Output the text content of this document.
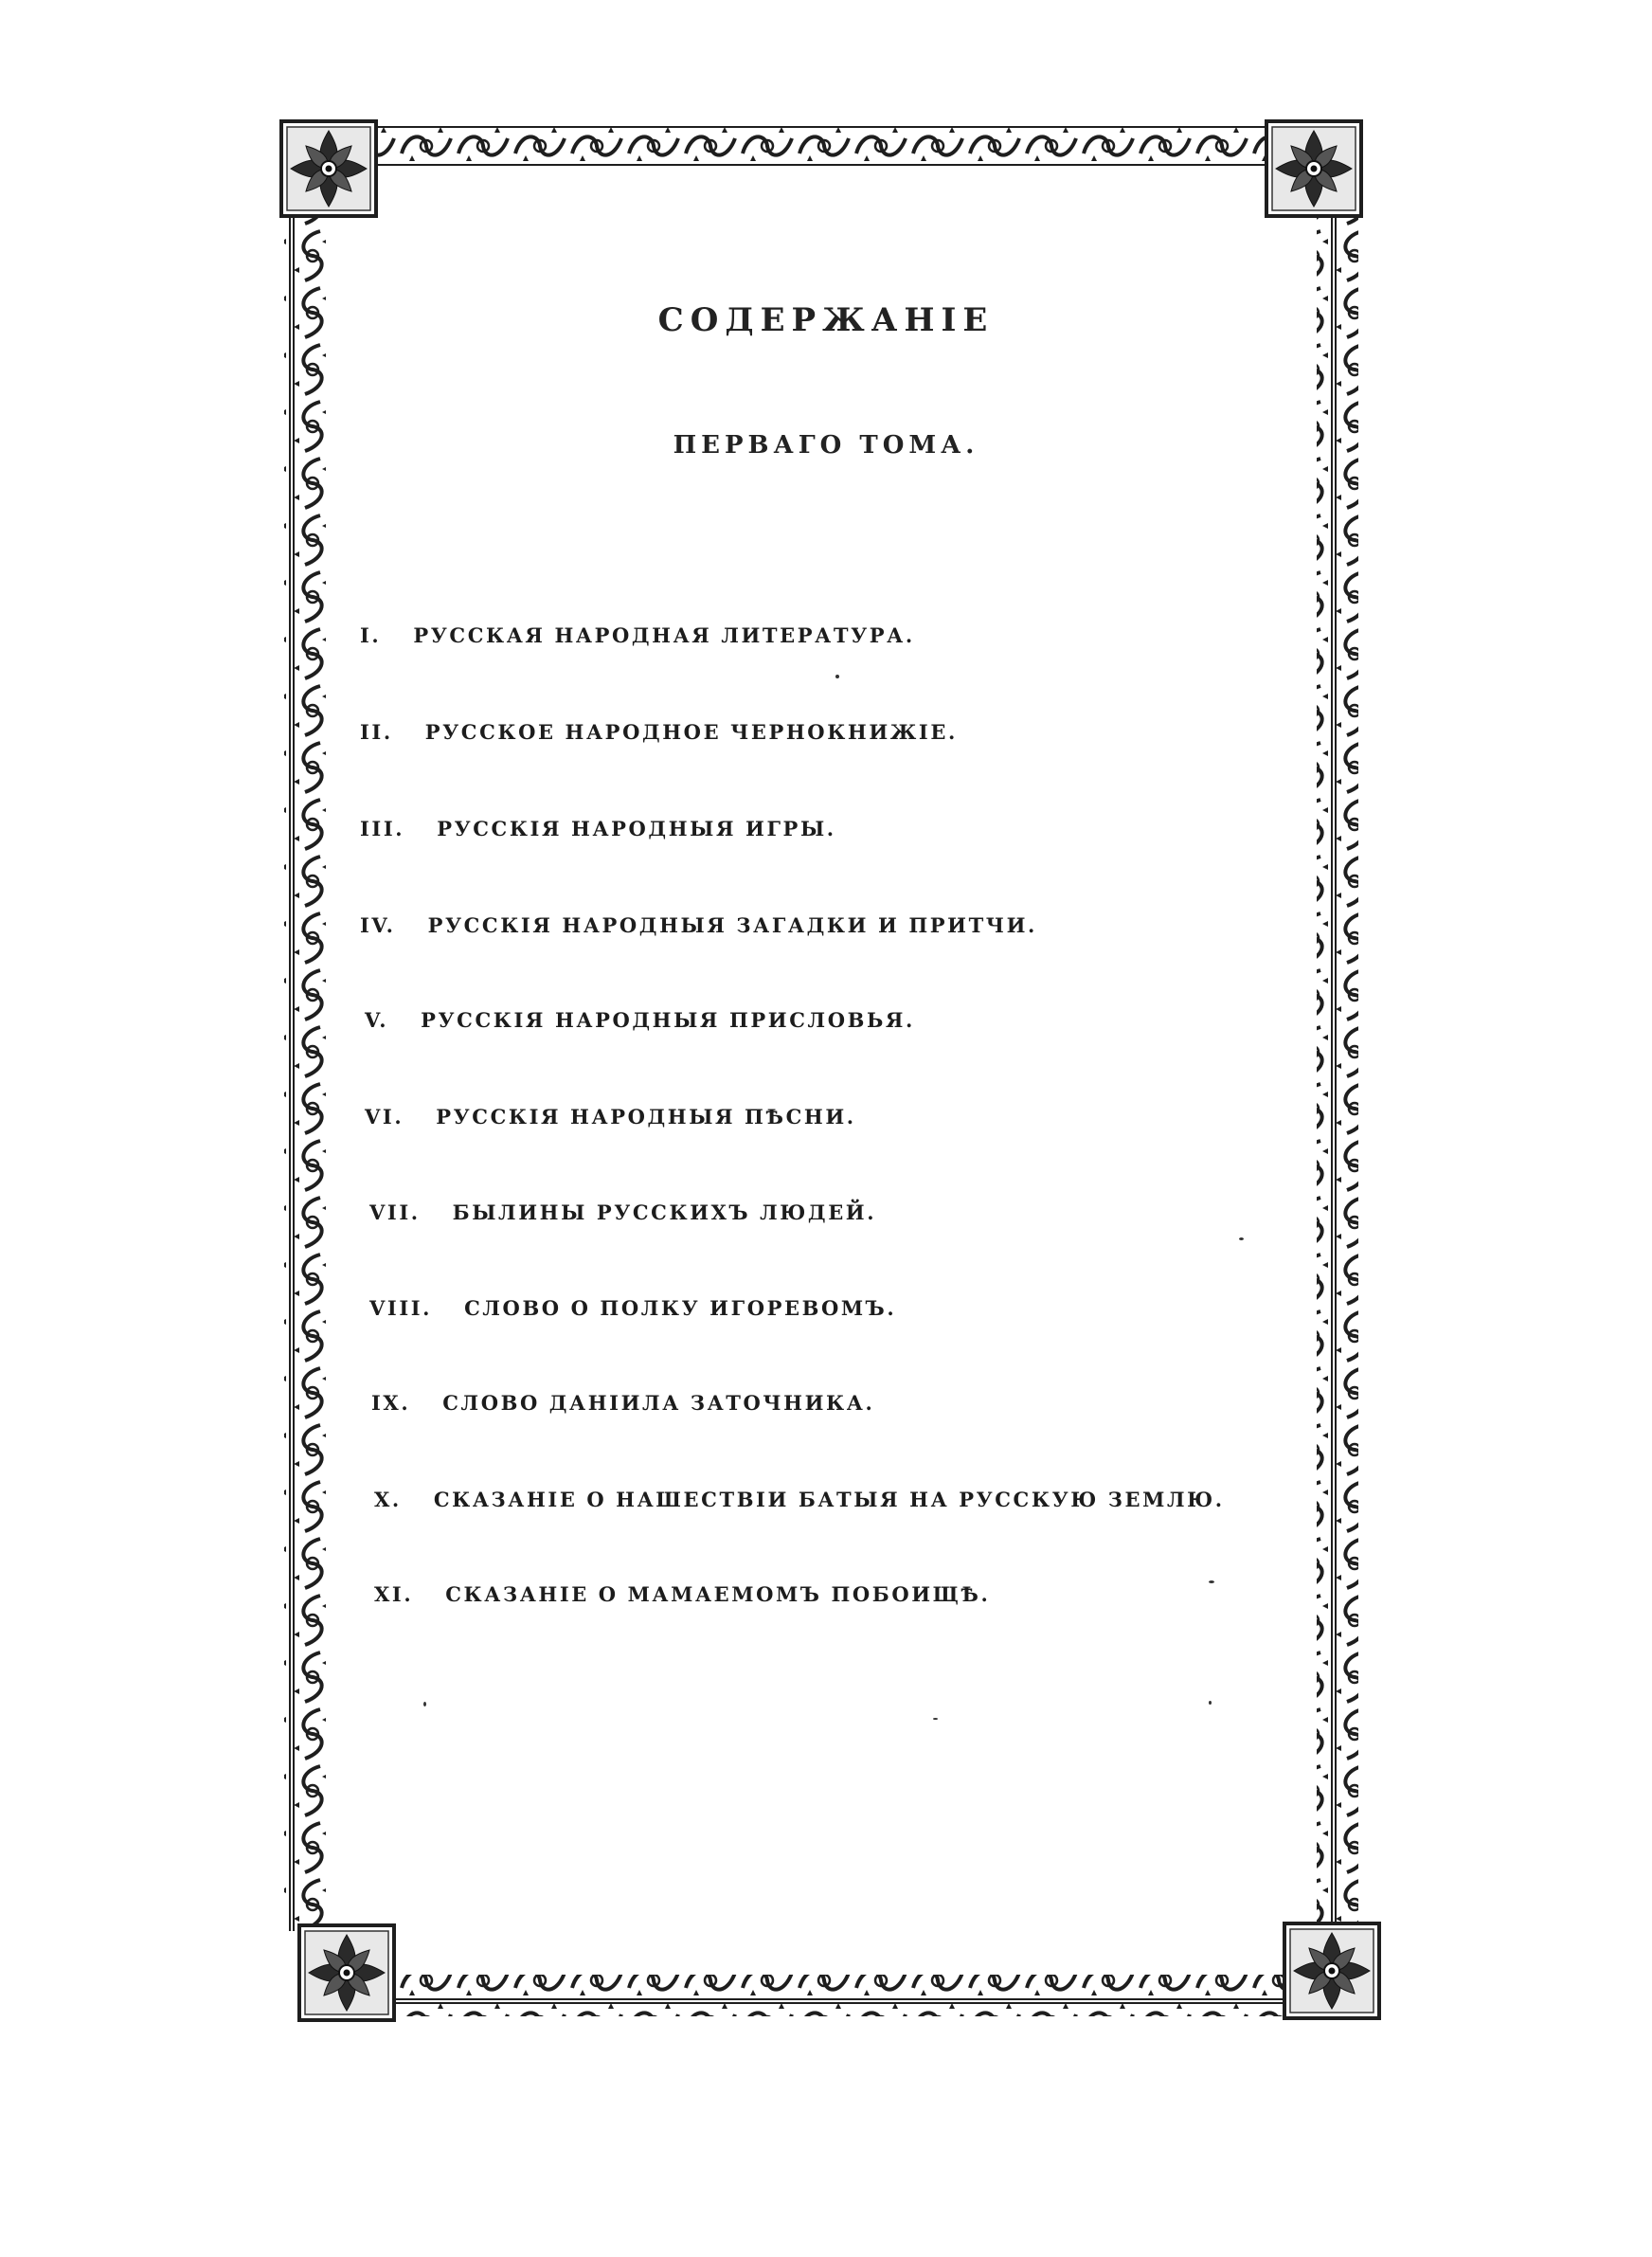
СОДЕРЖАНІЕ
ПЕРВАГО ТОМА.
I. РУССКАЯ НАРОДНАЯ ЛИТЕРАТУРА.
II. РУССКОЕ НАРОДНОЕ ЧЕРНОКНИЖІЕ.
III. РУССКІЯ НАРОДНЫЯ ИГРЫ.
IV. РУССКІЯ НАРОДНЫЯ ЗАГАДКИ И ПРИТЧИ.
V. РУССКІЯ НАРОДНЫЯ ПРИСЛОВЬЯ.
VI. РУССКІЯ НАРОДНЫЯ ПѢСНИ.
VII. БЫЛИНЫ РУССКИХЪ ЛЮДЕЙ.
VIII. СЛОВО О ПОЛКУ ИГОРЕВОМЪ.
IX. СЛОВО ДАНІИЛА ЗАТОЧНИКА.
X. СКАЗАНІЕ О НАШЕСТВІИ БАТЫЯ НА РУССКУЮ ЗЕМЛЮ.
XI. СКАЗАНІЕ О МАМАЕМОМЪ ПОБОИЩѢ.
